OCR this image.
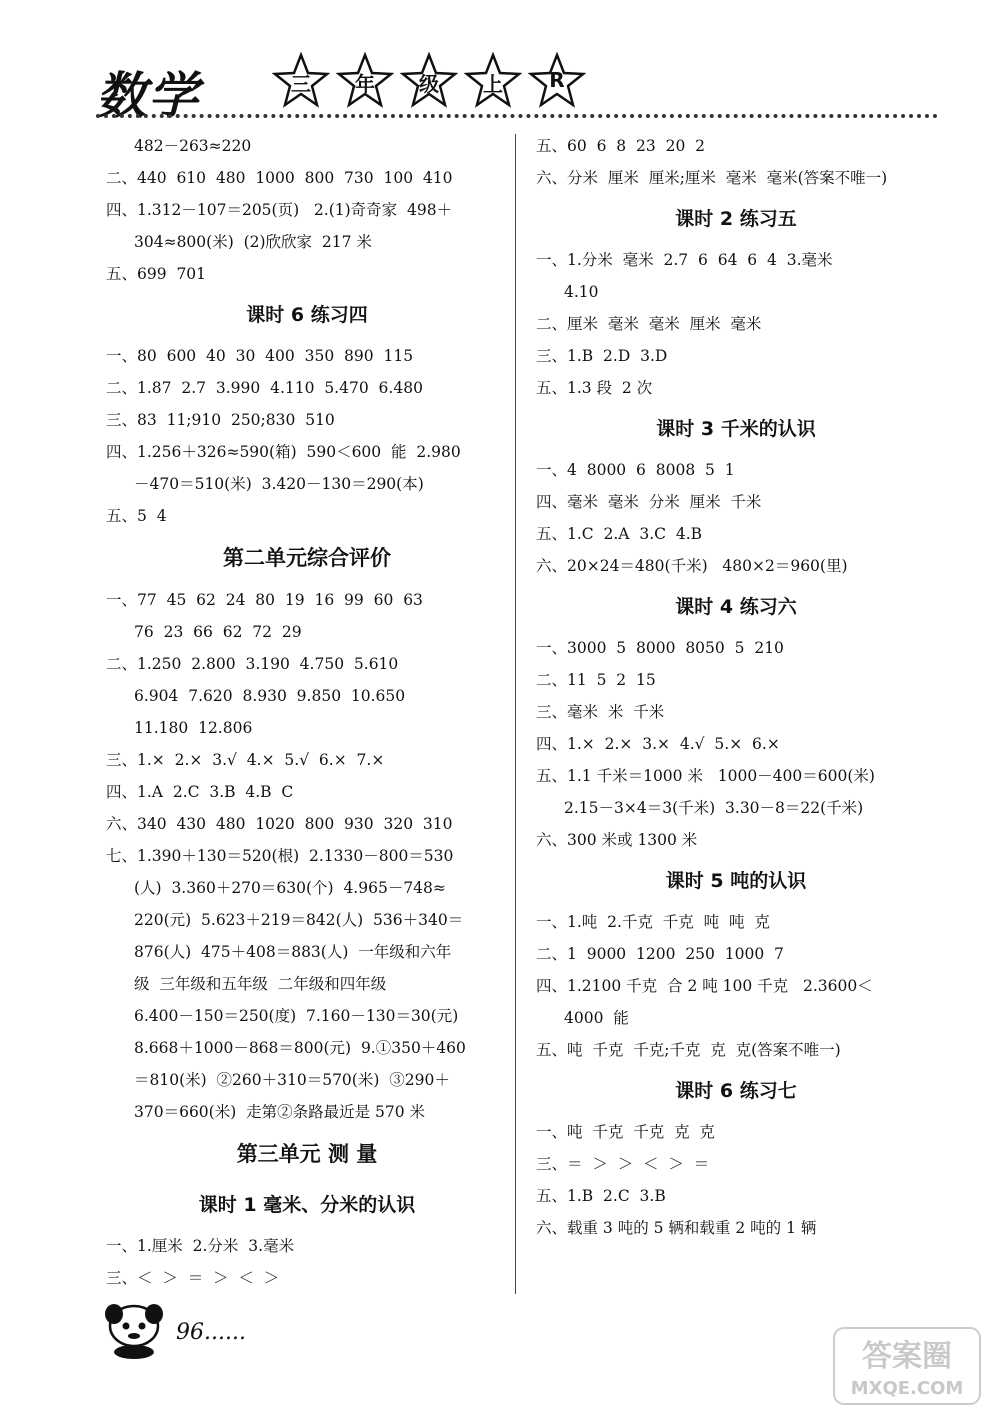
数学	三	年	级	上	R
482－263≈220
二、440  610  480  1000  800  730  100  410
四、1.312－107＝205(页)   2.(1)奇奇家  498＋
304≈800(米)  (2)欣欣家  217 米
五、699  701
课时 6 练习四
一、80  600  40  30  400  350  890  115
二、1.87  2.7  3.990  4.110  5.470  6.480
三、83  11;910  250;830  510
四、1.256＋326≈590(箱)  590＜600  能  2.980
－470＝510(米)  3.420－130＝290(本)
五、5  4
第二单元综合评价
一、77  45  62  24  80  19  16  99  60  63
76  23  66  62  72  29
二、1.250  2.800  3.190  4.750  5.610
6.904  7.620  8.930  9.850  10.650
11.180  12.806
三、1.×  2.×  3.√  4.×  5.√  6.×  7.×
四、1.A  2.C  3.B  4.B  C
六、340  430  480  1020  800  930  320  310
七、1.390＋130＝520(根)  2.1330－800＝530
(人)  3.360＋270＝630(个)  4.965－748≈
220(元)  5.623＋219＝842(人)  536＋340＝
876(人)  475＋408＝883(人)  一年级和六年
级  三年级和五年级  二年级和四年级
6.400－150＝250(度)  7.160－130＝30(元)
8.668＋1000－868＝800(元)  9.①350＋460
＝810(米)  ②260＋310＝570(米)  ③290＋
370＝660(米)  走第②条路最近是 570 米
第三单元 测 量
课时 1 毫米、分米的认识
一、1.厘米  2.分米  3.毫米
三、＜  ＞  ＝  ＞  ＜  ＞
五、60  6  8  23  20  2
六、分米  厘米  厘米;厘米  毫米  毫米(答案不唯一)
课时 2 练习五
一、1.分米  毫米  2.7  6  64  6  4  3.毫米
4.10
二、厘米  毫米  毫米  厘米  毫米
三、1.B  2.D  3.D
五、1.3 段  2 次
课时 3 千米的认识
一、4  8000  6  8008  5  1
四、毫米  毫米  分米  厘米  千米
五、1.C  2.A  3.C  4.B
六、20×24＝480(千米)   480×2＝960(里)
课时 4 练习六
一、3000  5  8000  8050  5  210
二、11  5  2  15
三、毫米  米  千米
四、1.×  2.×  3.×  4.√  5.×  6.×
五、1.1 千米＝1000 米   1000－400＝600(米)
2.15－3×4＝3(千米)  3.30－8＝22(千米)
六、300 米或 1300 米
课时 5 吨的认识
一、1.吨  2.千克  千克  吨  吨  克
二、1  9000  1200  250  1000  7
四、1.2100 千克  合 2 吨 100 千克   2.3600＜
4000  能
五、吨  千克  千克;千克  克  克(答案不唯一)
课时 6 练习七
一、吨  千克  千克  克  克
三、＝  ＞  ＞  ＜  ＞  ＝
五、1.B  2.C  3.B
六、载重 3 吨的 5 辆和载重 2 吨的 1 辆
96......
答案圈
MXQE.COM
